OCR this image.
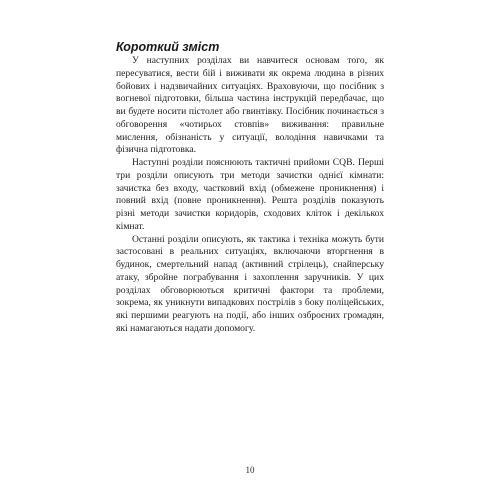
Короткий зміст

У наступних розділах ви навчитеся основам того, як пересуватися, вести бій і виживати як окрема людина в різних бойових і надзвичайних ситуаціях. Враховуючи, що посібник з вогневої підготовки, більша частина інструкцій передбачає, що ви будете носити пістолет або гвинтівку. Посібник починається з обговорення «чотирьох стовпів» виживання: правильне мислення, обізнаність у ситуації, володіння навичками та фізична підготовка.

Наступні розділи пояснюють тактичні прийоми CQB. Перші три розділи описують три методи зачистки однієї кімнати: зачистка без входу, частковий вхід (обмежене проникнення) і повний вхід (повне проникнення). Решта розділів показують різні методи зачистки коридорів, сходових кліток і декількох кімнат.

Останні розділи описують, як тактика і техніка можуть бути застосовані в реальних ситуаціях, включаючи вторгнення в будинок, смертельний напад (активний стрілець), снайперську атаку, збройне пограбування і захоплення заручників. У цих розділах обговорюються критичні фактори та проблеми, зокрема, як уникнути випадкових пострілів з боку поліцейських, які першими реагують на події, або інших озброєних громадян, які намагаються надати допомогу.

10
